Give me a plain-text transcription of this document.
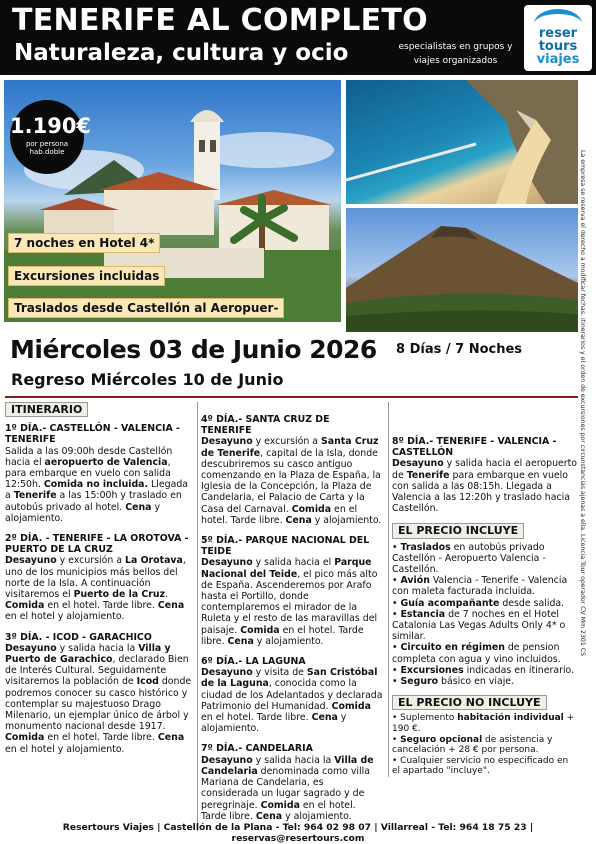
TENERIFE AL COMPLETO
Naturaleza, cultura y ocio	especialistas en grupos y viajes organizados
reser
tours
viajes
1.190€
por persona hab.doble
7 noches en Hotel 4*
Excursiones incluidas
Traslados desde Castellón al Aeropuer-	La empresa se reserva el derecho a modificar fechas, itinerarios y el orden de excursiones por circunstancias ajenas a ella. Licencia Tour operador CV Mm 2301 CS
Miércoles 03 de Junio 2026
Regreso Miércoles 10 de Junio
8 Días / 7 Noches
ITINERARIO
1º DÍA.- CASTELLÓN - VALENCIA - TENERIFE
Salida a las 09:00h desde Castellón hacia el aeropuerto de Valencia, para embarque en vuelo con salida 12:50h. Comida no incluida. Llegada a Tenerife a las 15:00h y traslado en autobús privado al hotel. Cena y alojamiento.
2º DÍA. - TENERIFE - LA OROTOVA - PUERTO DE LA CRUZ
Desayuno y excursión a La Orotava, uno de los municipios más bellos del norte de la Isla. A continuación visitaremos el Puerto de la Cruz. Comida en el hotel. Tarde libre. Cena en el hotel y alojamiento.
3º DÍA. - ICOD - GARACHICO
Desayuno y salida hacia la Villa y Puerto de Garachico, declarado Bien de Interés Cultural. Seguidamente visitaremos la población de Icod donde podremos conocer su casco histórico y contemplar su majestuoso Drago Milenario, un ejemplar único de árbol y monumento nacional desde 1917. Comida en el hotel. Tarde libre. Cena en el hotel y alojamiento.
4º DÍA.- SANTA CRUZ DE TENERIFE
Desayuno y excursión a Santa Cruz de Tenerife, capital de la Isla, donde descubriremos su casco antiguo comenzando en la Plaza de España, la Iglesia de la Concepción, la Plaza de Candelaria, el Palacio de Carta y la Casa del Carnaval. Comida en el hotel. Tarde libre. Cena y alojamiento.
5º DÍA.- PARQUE NACIONAL DEL TEIDE
Desayuno y salida hacia el Parque Nacional del Teide, el pico más alto de España. Ascenderemos por Arafo hasta el Portillo, donde contemplaremos el mirador de la Ruleta y el resto de las maravillas del paisaje. Comida en el hotel. Tarde libre. Cena y alojamiento.
6º DÍA.- LA LAGUNA
Desayuno y visita de San Cristóbal de la Laguna, conocida como la ciudad de los Adelantados y declarada Patrimonio del Humanidad. Comida en el hotel. Tarde libre. Cena y alojamiento.
7º DÍA.- CANDELARIA
Desayuno y salida hacia la Villa de Candelaria denominada como villa Mariana de Candelaria, es considerada un lugar sagrado y de peregrinaje. Comida en el hotel. Tarde libre. Cena y alojamiento.
8º DÍA.- TENERIFE - VALENCIA - CASTELLÓN
Desayuno y salida hacia el aeropuerto de Tenerife para embarque en vuelo con salida a las 08:15h. Llegada a Valencia a las 12:20h y traslado hacia Castellón.
EL PRECIO INCLUYE
• Traslados en autobús privado Castellón - Aeropuerto Valencia - Castellón.
• Avión Valencia - Tenerife - Valencia con maleta facturada incluida.
• Guía acompañante desde salida.
• Estancia de 7 noches en el Hotel Catalonia Las Vegas Adults Only 4* o similar.
• Circuito en régimen de pension completa con agua y vino incluidos.
• Excursiones indicadas en itinerario.
• Seguro básico en viaje.
EL PRECIO NO INCLUYE
• Suplemento habitación individual + 190 €.
• Seguro opcional de asistencia y cancelación + 28 € por persona.
• Cualquier servicio no especificado en el apartado "incluye".
Resertours Viajes | Castellón de la Plana - Tel: 964 02 98 07 | Villarreal - Tel: 964 18 75 23 | reservas@resertours.com
